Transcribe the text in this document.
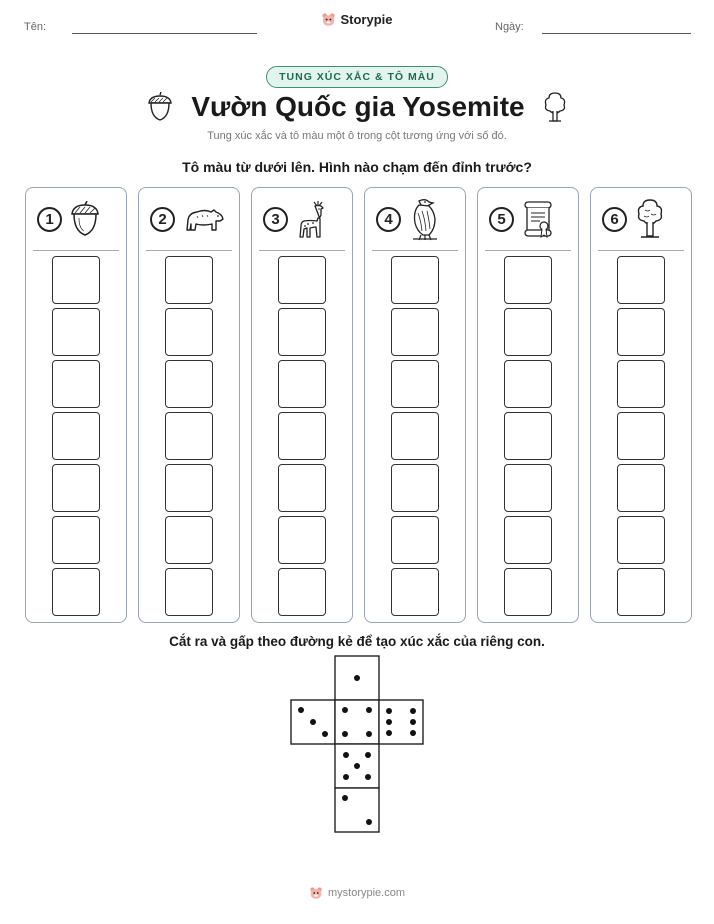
Tên:	Storypie	Ngày:
TUNG XÚC XẮC & TÔ MÀU
Vườn Quốc gia Yosemite
Tung xúc xắc và tô màu một ô trong cột tương ứng với số đó.
Tô màu từ dưới lên. Hình nào chạm đến đỉnh trước?
1	2	3	4	5	6
Cắt ra và gấp theo đường kẻ để tạo xúc xắc của riêng con.
mystorypie.com
